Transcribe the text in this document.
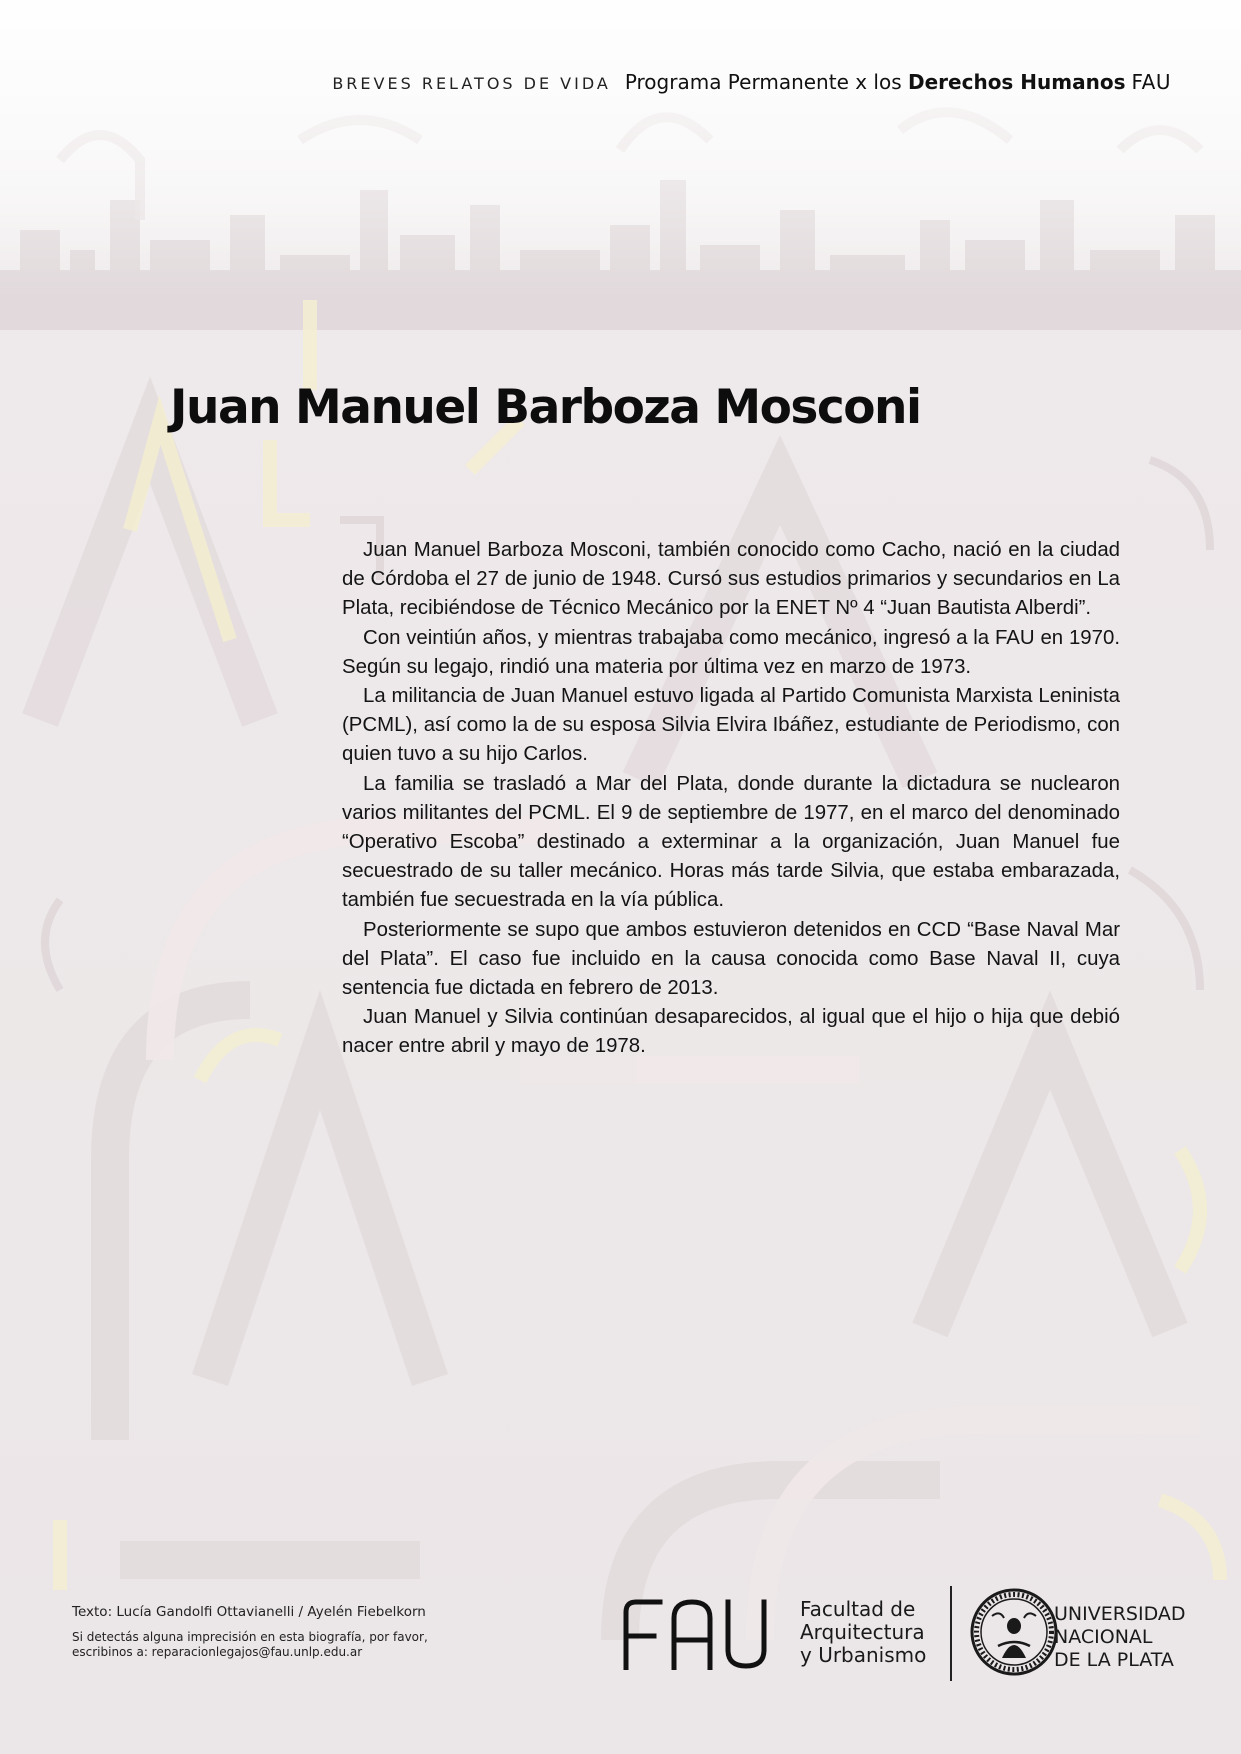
BREVES RELATOS DE VIDA Programa Permanente x los Derechos Humanos FAU
Juan Manuel Barboza Mosconi

Juan Manuel Barboza Mosconi, también conocido como Cacho, nació en la ciudad de Córdoba el 27 de junio de 1948. Cursó sus estudios primarios y secundarios en La Plata, recibiéndose de Técnico Mecánico por la ENET Nº 4 “Juan Bautista Alberdi”.

Con veintiún años, y mientras trabajaba como mecánico, ingresó a la FAU en 1970. Según su legajo, rindió una materia por última vez en marzo de 1973.

La militancia de Juan Manuel estuvo ligada al Partido Comunista Marxista Leninista (PCML), así como la de su esposa Silvia Elvira Ibáñez, estudiante de Periodismo, con quien tuvo a su hijo Carlos.

La familia se trasladó a Mar del Plata, donde durante la dictadura se nuclearon varios militantes del PCML. El 9 de septiembre de 1977, en el marco del denominado “Operativo Escoba” destinado a exterminar a la organización, Juan Manuel fue secuestrado de su taller mecánico. Horas más tarde Silvia, que estaba embarazada, también fue secuestrada en la vía pública.

Posteriormente se supo que ambos estuvieron detenidos en CCD “Base Naval Mar del Plata”. El caso fue incluido en la causa conocida como Base Naval II, cuya sentencia fue dictada en febrero de 2013.

Juan Manuel y Silvia continúan desaparecidos, al igual que el hijo o hija que debió nacer entre abril y mayo de 1978.

Texto: Lucía Gandolfi Ottavianelli / Ayelén Fiebelkorn
Si detectás alguna imprecisión en esta biografía, por favor,
escribinos a: reparacionlegajos@fau.unlp.edu.ar
FAU	Facultad de
Arquitectura
y Urbanismo
UNIVERSIDAD
NACIONAL
DE LA PLATA
